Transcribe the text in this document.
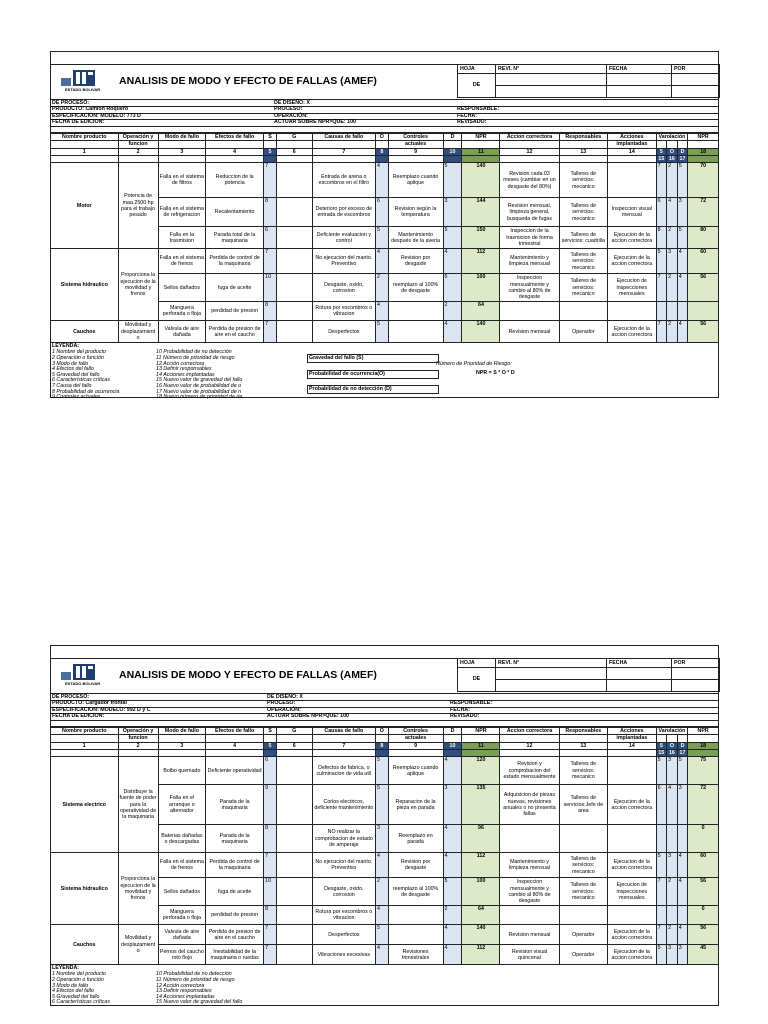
ESTADO BOLIVAR
ANALISIS DE MODO Y EFECTO DE FALLAS (AMEF)
HOJA	REVI. N°	FECHA	POR
DE			

DE PROCESO:	DE DISEÑO: X
PRODUCTO: Camión Roquero	PROCESO:	RESPONSABLE:
ESPECIFICACION: MODELO: 773 D	OPERACIÓN:	FECHA:
FECHA DE EDICION:	ACTUAR SOBRE NPR>QUE: 100	REVISADO:
Nombre producto	Operación y	Modo de fallo	Efectos de fallo	S	G	Causas de fallo	O	Controles	D	NPR	Accion correctora	Responsables	Acciones	Varolación			NPR
	funcion							actuales					implantadas				
1	2	3	4	5	6	7	8	9	10	11	12	13	14	5	O	D	18
														15	16	17	
Motor	Potencia de maa 2500 hp para el trabajo pesado	Falla en el sistema de filtros	Reduccion de la potencia	7		Entrada de arena o escombros en el filtro	4	Reemplazo cuando aplique	5	140	Revision cada 03 meses (cambiar en un desgaste del 80%)	Talleres de servicios: mecanico		7	2	5	70
		Falla en el sistema de refrigeracion	Recalentamiento	8		Deterioro por exceso de entrada de escombros	6	Revision según la temperatura	3	144	Revision mensual, limpieza general, busqueda de fugas	Talleres de servicios: mecanico	Inspeccion visual mensual	6	4	3	72
		Falla en la trasmision	Parada total de la maquinaria	6		Deficiente evaluacion y control	5	Mantenimiento después de la averia	5	150	Inspeccion de la trasmicion de forma trimestral	Talleres de servicios: cuadrilla	Ejecucion de la accion correctora	8	2	5	80
Sistema hidraulico	Proporciona la ejecucion de la movilidad y frenos	Falla en el sistema de frenos	Perdida de control de la maquinaria	7		No ejecucion del manto. Preventivo	4	Revision por desgaste	4	112	Mantenimiento y limpieza mensual	Talleres de servicios: mecanico	Ejecucion de la accion correctora	5	3	4	60
		Sellos dañados	fuga de aceite	10		Desgaste, oxido, corrosion	2	reemplazo al 100% de desgaste	5	100	Inspeccion mensualmente y cambio al 80% de desgaste	Talleres de servicios: mecanico	Ejecucion de inspecciones mensuales	7	2	4	56
		Manguera perforada o floja	perdidad de presion	8		Rotura por escombros o vibracion	4		2	64							
Cauchos	Movilidad y desplazamient o	Valvula de aire dañada	Perdida de presion de aire en el caucho	7		Desperfectos	5		4	140	Revision mensual	Operador	Ejecucion de la accion correctora	7	2	4	56
LEYENDA:
1 Nombre del producto	10 Probabilidad de no detección
2 Operación o función	11 Número de prioridad de riesgo
3 Modo de fallo	12 Acción correctora
4 Efectos del fallo	13 Definir responsables
5 Gravedad del fallo	14 Acciones implantadas
6 Características críticas	15 Nuevo valor de gravedad del fallo
7 Causa del fallo	16 Nuevo valor de probabilidad de o
8 Probabilidad de ocurrencia	17 Nuevo valor de probabilidad de n
9 Controles actuales	18 Nuevo número de prioridad de rie
Gravedad del fallo (S)
Probabilidad de ocurrencia(O)
Probabilidad de no detección (D)
Número de Prioridad de Riesgo:
NPR = S * O * D
ESTADO BOLIVAR
ANALISIS DE MODO Y EFECTO DE FALLAS (AMEF)
HOJA	REVI. N°	FECHA	POR
DE			

DE PROCESO:	DE DISEÑO: X
PRODUCTO: Cargador frontal	PROCESO:	RESPONSABLE:
ESPECIFICACION: MODELO: 992 D y C	OPERACIÓN:	FECHA:
FECHA DE EDICION:	ACTUAR SOBRE NPR>QUE: 100	REVISADO:
Nombre producto	Operación y	Modo de fallo	Efectos de fallo	S	G	Causas de fallo	O	Controles	D	NPR	Accion correctora	Responsables	Acciones	Varolación			NPR
	funcion							actuales					implantadas				
1	2	3	4	5	6	7	8	9	10	11	12	13	14	5	O	D	18
														15	16	17	
Sistema electrico	Distribuye la fuente de poder para la operatividad de la maquinaria	Bolbo quemado	Deficiente operatividad	6		Defectos de fabrica, o culminacion de vida util	5	Reemplazo cuando aplique	4	120	Revision y comprobacion del estado mensualmente	Talleres de servicios: mecanico		5	3	5	75
		Falla en el arranque o alternador	Parada de la maquinaria	9		Corlos electricos, deficiente mantenimiento	5	Reparacion de la pieza en parada	3	135	Adquisicion de piezas nuevas, revisiones anuales o no presenta fallas	Talleres de servicios:Jefe de area	Ejecucion de la accion correctora	6	4	3	72
		Baterias dañadas o descargadas	Parada de la maquinaria	8		NO realizar la comprobacion de estado de amperaje	3	Reemplazo en parada	4	96							0
Sistema hidraulico	Proporciona la ejecucion de la movilidad y frenos	Falla en el sistema de frenos	Perdida de control de la maquinaria	7		No ejecucion del manto. Preventivo	4	Revision por desgaste	4	112	Mantenimiento y limpieza mensual	Talleres de servicios: mecanico	Ejecucion de la accion correctora	5	3	4	60
		Sellos dañados	fuga de aceite	10		Desgaste, oxido, corrosion	2	reemplazo al 100% de desgaste	5	100	Inspeccion mensualmente y cambio al 80% de desgaste	Talleres de servicios: mecanico	Ejecucion de inspecciones mensuales	7	2	4	56
		Manguera perforada o floja	perdidad de presion	8		Rotura por escombros o vibracion	4		2	64							0
Cauchos	Movilidad y desplazamient o	Valvula de aire dañada	Perdida de presion de aire en el caucho	7		Desperfectos	5		4	140	Revision mensual	Operador	Ejecucion de la accion correctora	7	2	4	56
		Pernos del caucho roto flojo	Inestabilidad de la maquinaria o ruedas	7		Vibraciones excesivas	4	Revisiones trimestrales	4	112	Revision visual quincenal	Operador	Ejecucion de la accion correctora	5	3	3	45
LEYENDA:
1 Nombre del producto	10 Probabilidad de no detección
2 Operación o función	11 Número de prioridad de riesgo
3 Modo de fallo	12 Acción correctora
4 Efectos del fallo	13 Definir responsables
5 Gravedad del fallo	14 Acciones implantadas
6 Características críticas	15 Nuevo valor de gravedad del fallo
